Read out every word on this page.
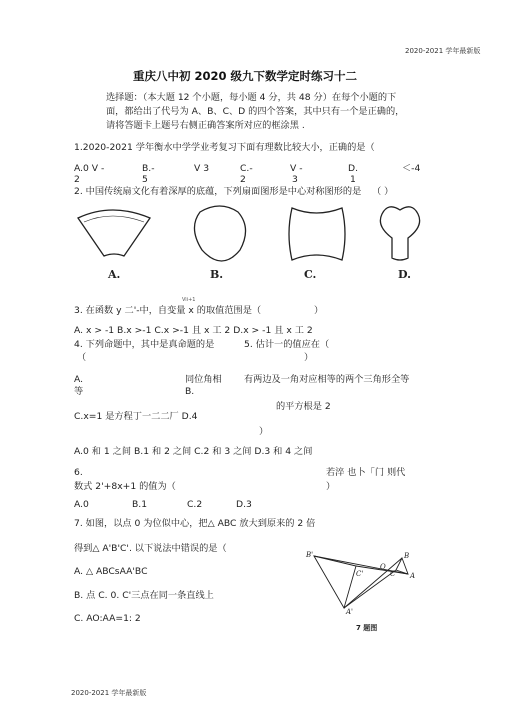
2020-2021 学年最新版
2020-2021 学年最新版
重庆八中初 2020 级九下数学定时练习十二
选择题：（本大题 12 个小题，每小题 4 分，共 48 分）在每个小题的下
面，都给出了代号为 A、B、C、D 的四个答案，其中只有一个是正确的，
请将答题卡上题号右侧正确答案所对应的框涂黑 .
1.2020-2021 学年衡水中学学业考复习下面有理数比较大小，正确的是（
A.0 V -	B.-	V 3	C.-	V -	D.	＜-4
2	5	2	3	1
2. 中国传统扇文化有着深厚的底蕴，下列扇面图形是中心对称图形的是 （ ）
A.	B.	C.	D.
Vii+1
3. 在函数 y 二'-中，自变量 x 的取值范围是（	）
A. x > -1 B.x >-1 C.x >-1 且 x 工 2 D.x > -1 且 x 工 2
4. 下列命题中，其中是真命题的是	5. 估计一的值应在（
（	）
A.	同位角相 有两边及一角对应相等的两个三角形全等
等	B.
的平方根是 2
C.x=1 是方程丁一二二厂 D.4
）
A.0 和 1 之间 B.1 和 2 之间 C.2 和 3 之间 D.3 和 4 之间
6.	若淬 也卜「门 则代
数式 2'+8x+1 的值为（	）
A.0	B.1	C.2	D.3
7. 如图，以点 0 为位似中心，把△ ABC 放大到原来的 2 倍
得到△ A'B'C'. 以下说法中错误的是（
A. △ ABCsAA'BC
B. 点 C. 0. C'三点在同一条直线上
C. AO:AA=1: 2
B'
C'
O
B
A
C
A'
7 题图
